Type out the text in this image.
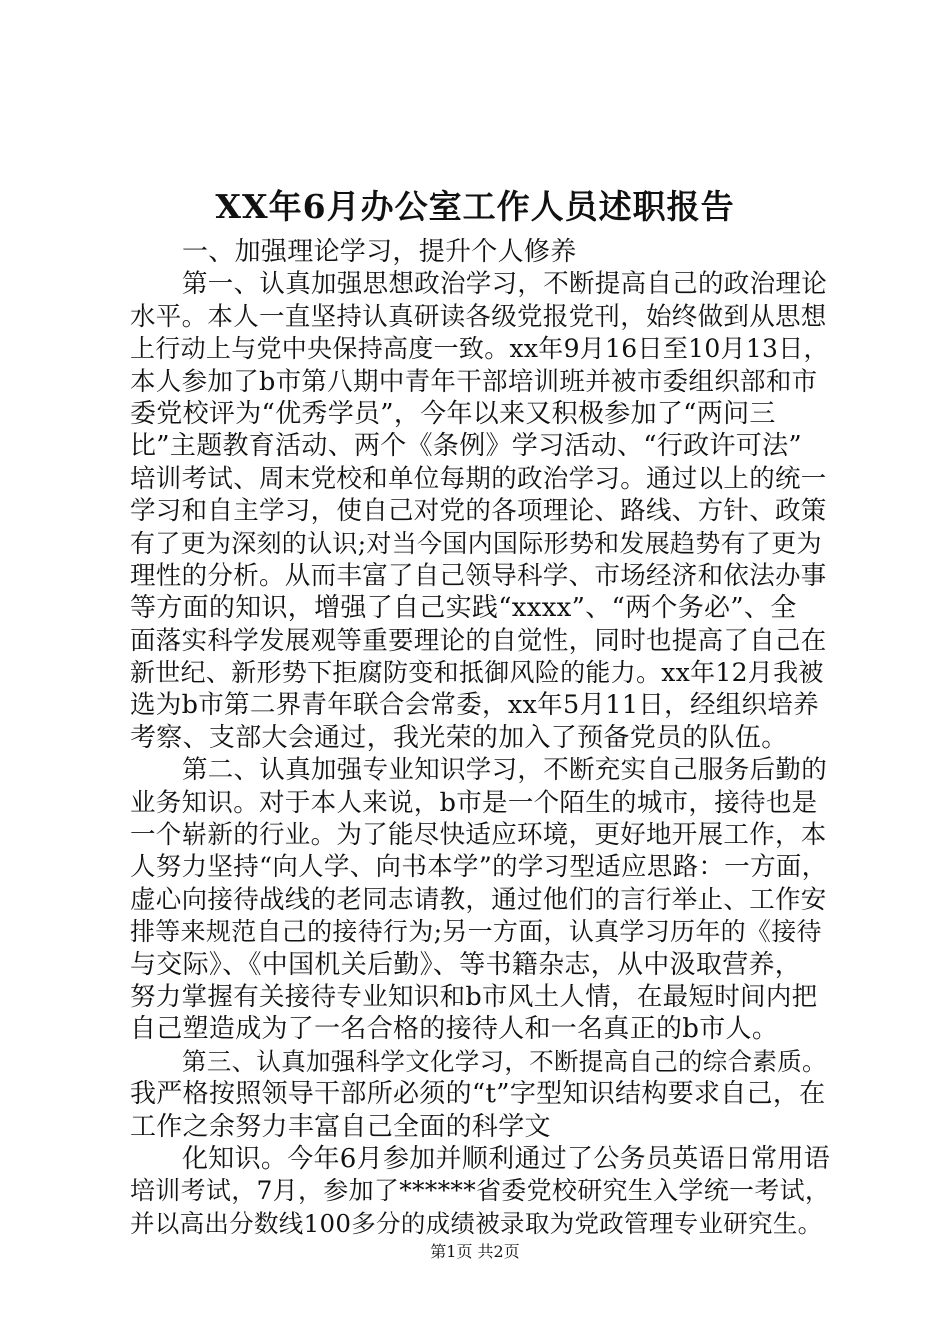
XX年6月办公室工作人员述职报告
一、加强理论学习，提升个人修养
第一、认真加强思想政治学习，不断提高自己的政治理论
水平。本人一直坚持认真研读各级党报党刊，始终做到从思想
上行动上与党中央保持高度一致。xx年9月16日至10月13日，
本人参加了b市第八期中青年干部培训班并被市委组织部和市
委党校评为“优秀学员”，今年以来又积极参加了“两问三
比”主题教育活动、两个《条例》学习活动、“行政许可法”
培训考试、周末党校和单位每期的政治学习。通过以上的统一
学习和自主学习，使自己对党的各项理论、路线、方针、政策
有了更为深刻的认识;对当今国内国际形势和发展趋势有了更为
理性的分析。从而丰富了自己领导科学、市场经济和依法办事
等方面的知识，增强了自己实践“xxxx”、“两个务必”、全
面落实科学发展观等重要理论的自觉性，同时也提高了自己在
新世纪、新形势下拒腐防变和抵御风险的能力。xx年12月我被
选为b市第二界青年联合会常委，xx年5月11日，经组织培养
考察、支部大会通过，我光荣的加入了预备党员的队伍。
第二、认真加强专业知识学习，不断充实自己服务后勤的
业务知识。对于本人来说，b市是一个陌生的城市，接待也是
一个崭新的行业。为了能尽快适应环境，更好地开展工作，本
人努力坚持“向人学、向书本学”的学习型适应思路：一方面，
虚心向接待战线的老同志请教，通过他们的言行举止、工作安
排等来规范自己的接待行为;另一方面，认真学习历年的《接待
与交际》、《中国机关后勤》、等书籍杂志，从中汲取营养，
努力掌握有关接待专业知识和b市风土人情，在最短时间内把
自己塑造成为了一名合格的接待人和一名真正的b市人。
第三、认真加强科学文化学习，不断提高自己的综合素质。
我严格按照领导干部所必须的“t”字型知识结构要求自己，在
工作之余努力丰富自己全面的科学文
化知识。今年6月参加并顺利通过了公务员英语日常用语
培训考试，7月，参加了******省委党校研究生入学统一考试，
并以高出分数线100多分的成绩被录取为党政管理专业研究生。
第1页 共2页
